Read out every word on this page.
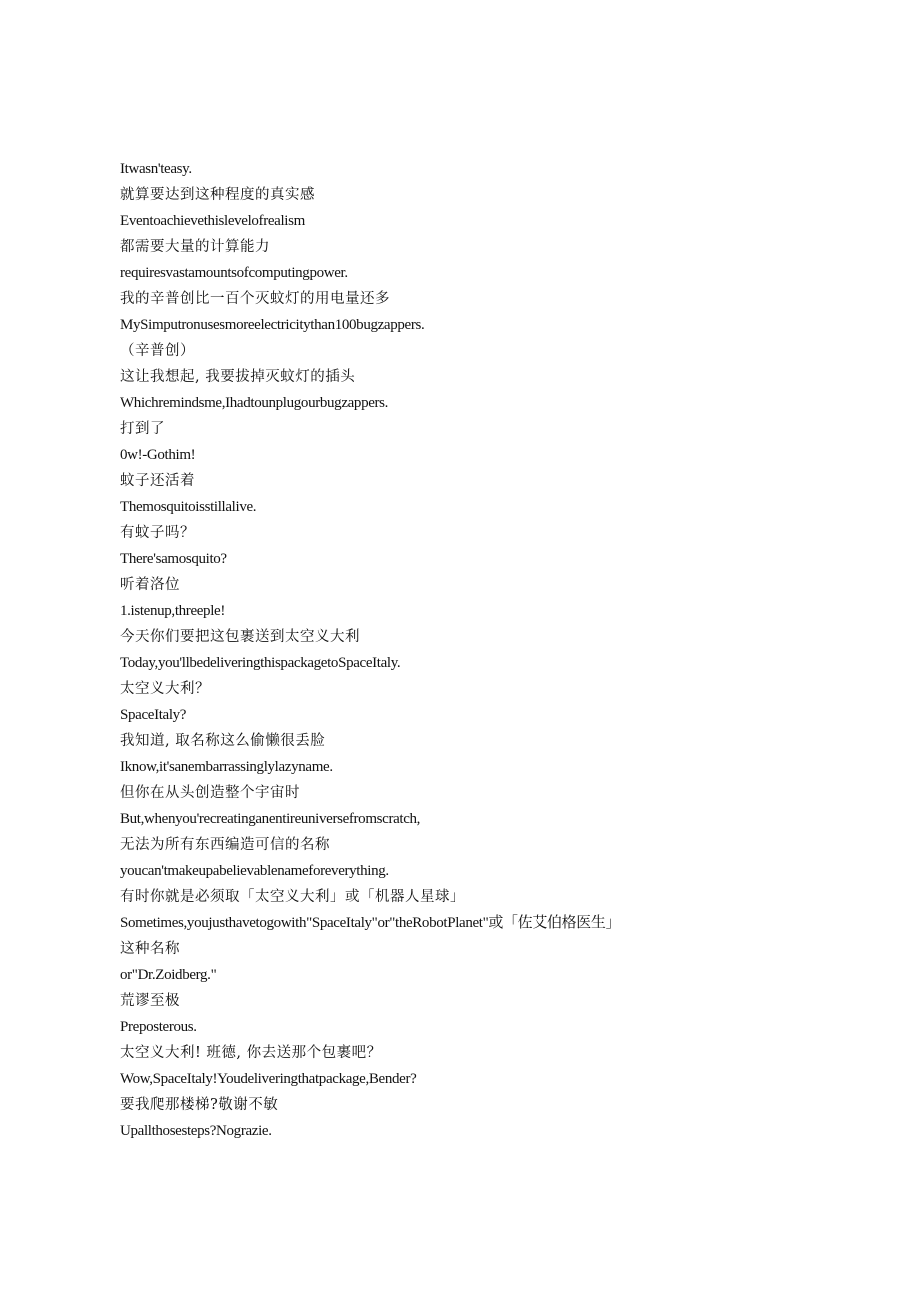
Itwasn'teasy.
就算要达到这种程度的真实感
Eventoachievethislevelofrealism
都需要大量的计算能力
requiresvastamountsofcomputingpower.
我的辛普创比一百个灭蚊灯的用电量还多
MySimputronusesmoreelectricitythan100bugzappers.
（辛普创）
这让我想起, 我要拔掉灭蚊灯的插头
Whichremindsme,Ihadtounplugourbugzappers.
打到了
0w!-Gothim!
蚊子还活着
Themosquitoisstillalive.
有蚊子吗？
There'samosquito?
听着洛位
1.istenup,threeple!
今天你们要把这包裹送到太空义大利
Today,you'llbedeliveringthispackagetoSpaceItaly.
太空义大利？
SpaceItaly?
我知道, 取名称这么偷懒很丢脸
Iknow,it'sanembarrassinglylazyname.
但你在从头创造整个宇宙时
But,whenyou'recreatinganentireuniversefromscratch,
无法为所有东西编造可信的名称
youcan'tmakeupabelievablenameforeverything.
有时你就是必须取「太空义大利」或「机器人星球」
Sometimes,youjusthavetogowith"SpaceItaly"or"theRobotPlanet"或「佐艾伯格医生」
这种名称
or"Dr.Zoidberg."
荒谬至极
Preposterous.
太空义大利! 班德, 你去送那个包裹吧？
Wow,SpaceItaly!Youdeliveringthatpackage,Bender?
要我爬那楼梯?敬谢不敏
Upallthosesteps?Nograzie.
